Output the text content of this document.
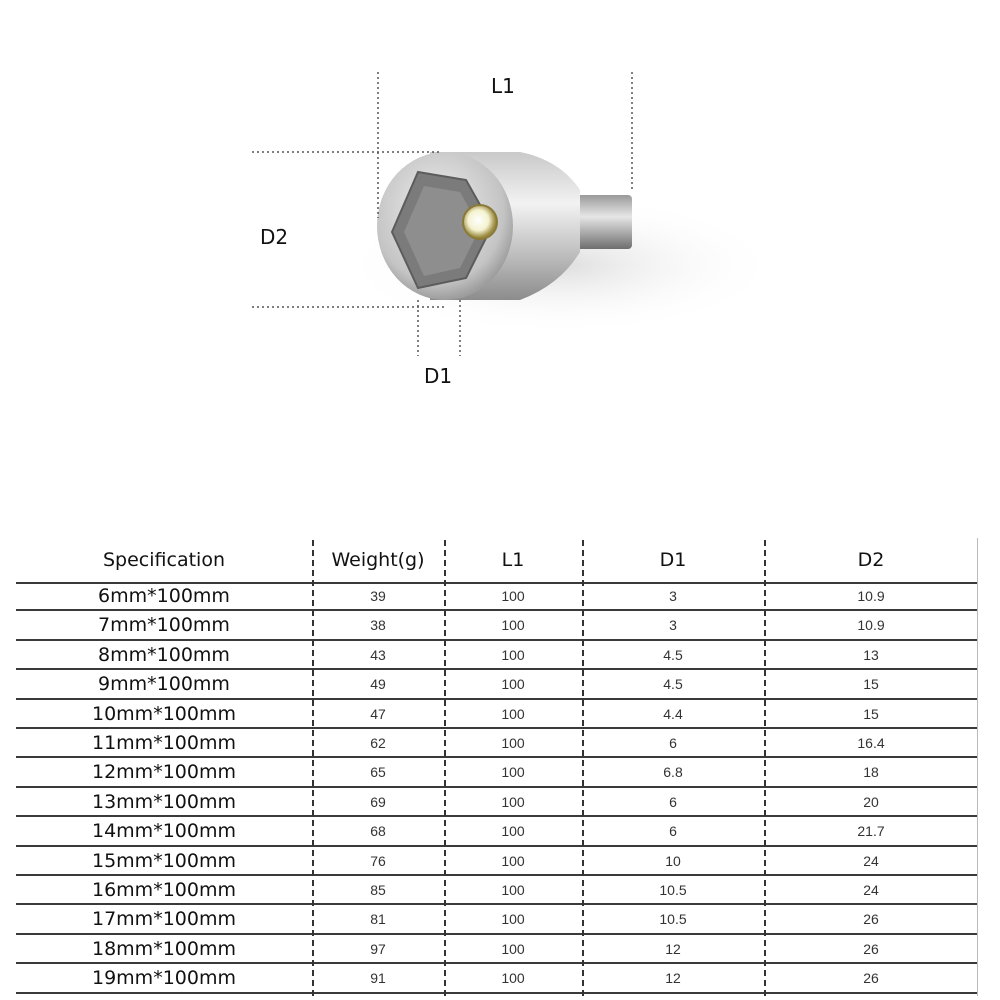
L1
D2
D1
Specification	Weight(g)	L1	D1	D2
6mm*100mm	39	100	3	10.9
7mm*100mm	38	100	3	10.9
8mm*100mm	43	100	4.5	13
9mm*100mm	49	100	4.5	15
10mm*100mm	47	100	4.4	15
11mm*100mm	62	100	6	16.4
12mm*100mm	65	100	6.8	18
13mm*100mm	69	100	6	20
14mm*100mm	68	100	6	21.7
15mm*100mm	76	100	10	24
16mm*100mm	85	100	10.5	24
17mm*100mm	81	100	10.5	26
18mm*100mm	97	100	12	26
19mm*100mm	91	100	12	26
